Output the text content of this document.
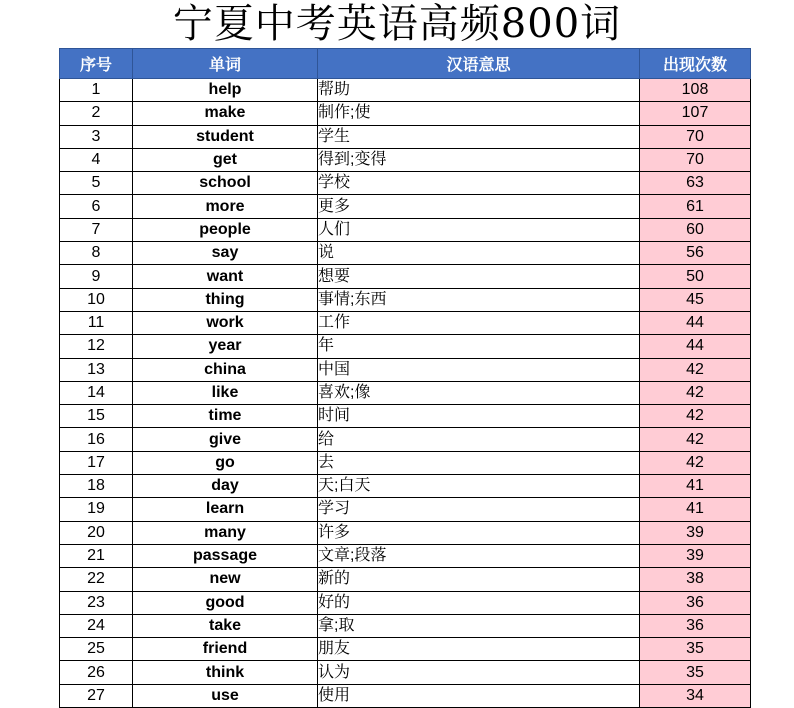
宁夏中考英语高频800词
序号	单词	汉语意思	出现次数
1	help	帮助	108
2	make	制作;使	107
3	student	学生	70
4	get	得到;变得	70
5	school	学校	63
6	more	更多	61
7	people	人们	60
8	say	说	56
9	want	想要	50
10	thing	事情;东西	45
11	work	工作	44
12	year	年	44
13	china	中国	42
14	like	喜欢;像	42
15	time	时间	42
16	give	给	42
17	go	去	42
18	day	天;白天	41
19	learn	学习	41
20	many	许多	39
21	passage	文章;段落	39
22	new	新的	38
23	good	好的	36
24	take	拿;取	36
25	friend	朋友	35
26	think	认为	35
27	use	使用	34
